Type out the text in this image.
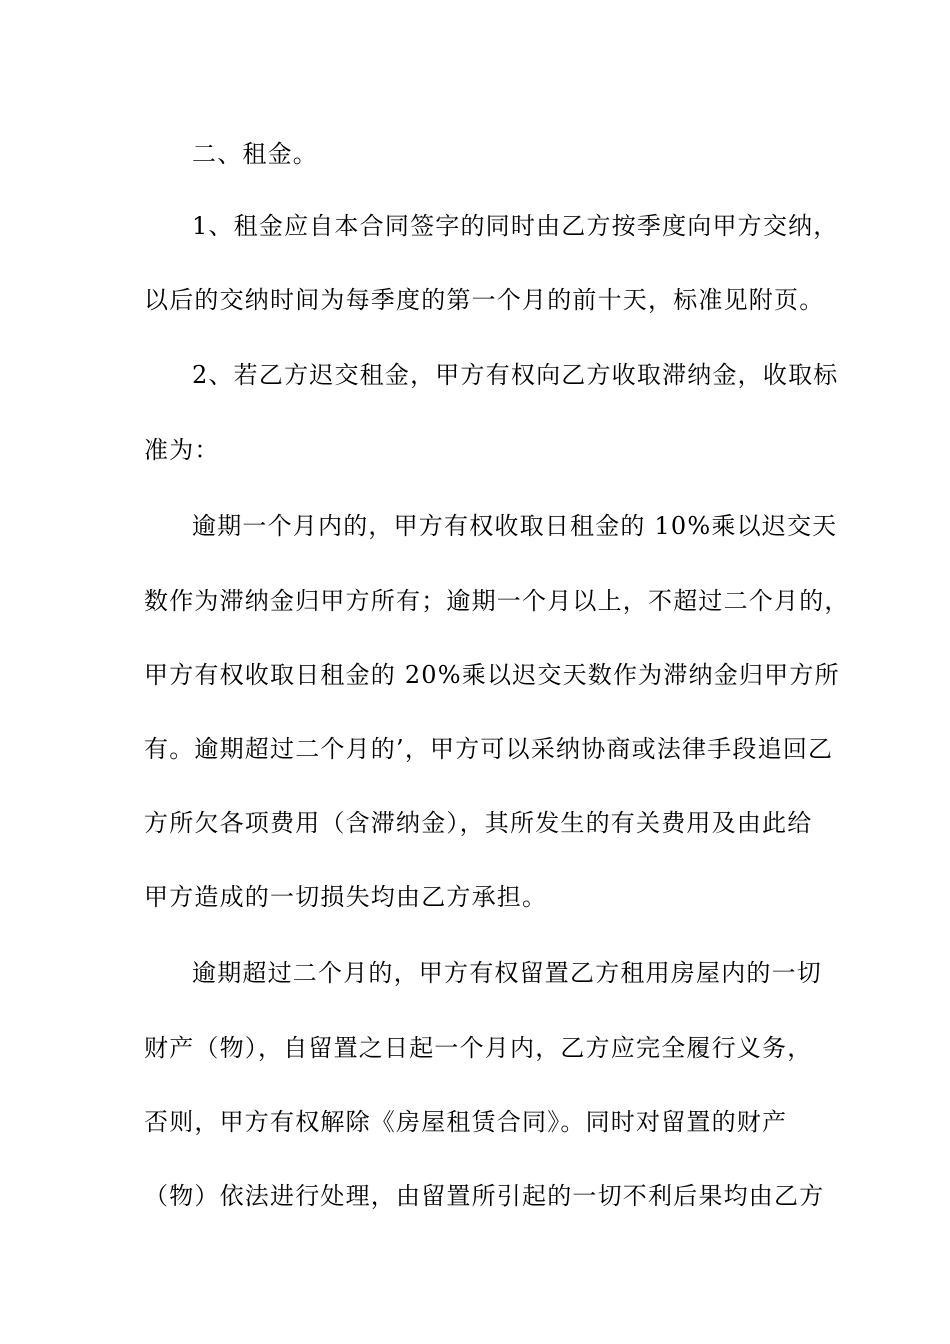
二、租金。
1、租金应自本合同签字的同时由乙方按季度向甲方交纳，
以后的交纳时间为每季度的第一个月的前十天，标准见附页。
2、若乙方迟交租金，甲方有权向乙方收取滞纳金，收取标
准为：
逾期一个月内的，甲方有权收取日租金的 10%乘以迟交天
数作为滞纳金归甲方所有；逾期一个月以上，不超过二个月的，
甲方有权收取日租金的 20%乘以迟交天数作为滞纳金归甲方所
有。逾期超过二个月的’，甲方可以采纳协商或法律手段追回乙
方所欠各项费用（含滞纳金），其所发生的有关费用及由此给
甲方造成的一切损失均由乙方承担。
逾期超过二个月的，甲方有权留置乙方租用房屋内的一切
财产（物），自留置之日起一个月内，乙方应完全履行义务，
否则，甲方有权解除《房屋租赁合同》。同时对留置的财产
（物）依法进行处理，由留置所引起的一切不利后果均由乙方
